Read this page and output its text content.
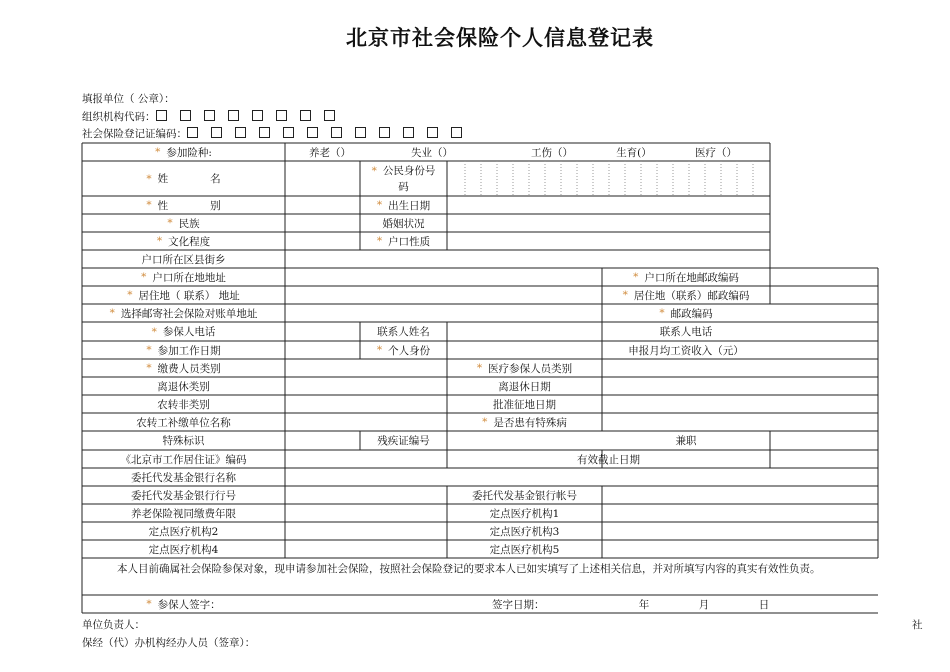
北京市社会保险个人信息登记表
填报单位（ 公章）：
组织机构代码：
社会保险登记证编码：
* 参加险种:	养老（）	失业（）	工伤（）	生育(）	医疗（）
* 姓　　　　名
* 公民身份号
码
* 性　　　　别	* 出生日期
* 民族	婚姻状况
* 文化程度	* 户口性质
户口所在区县街乡
* 户口所在地地址	* 户口所在地邮政编码
* 居住地（ 联系） 地址	* 居住地（联系）邮政编码
* 选择邮寄社会保险对账单地址	* 邮政编码
* 参保人电话	联系人姓名	联系人电话
* 参加工作日期	* 个人身份	申报月均工资收入（元）
* 缴费人员类别	* 医疗参保人员类别
离退休类别	离退休日期
农转非类别	批准征地日期
农转工补缴单位名称	* 是否患有特殊病
特殊标识	残疾证编号	兼职
《北京市工作居住证》编码	有效截止日期
委托代发基金银行名称
委托代发基金银行行号	委托代发基金银行帐号
养老保险视同缴费年限	定点医疗机构1
定点医疗机构2	定点医疗机构3
定点医疗机构4	定点医疗机构5
本人目前确属社会保险参保对象，现申请参加社会保险，按照社会保险登记的要求本人已如实填写了上述相关信息，并对所填写内容的真实有效性负责。
* 参保人签字：	签字日期：	年	月	日
单位负责人：	社
保经（代）办机构经办人员（签章）：
